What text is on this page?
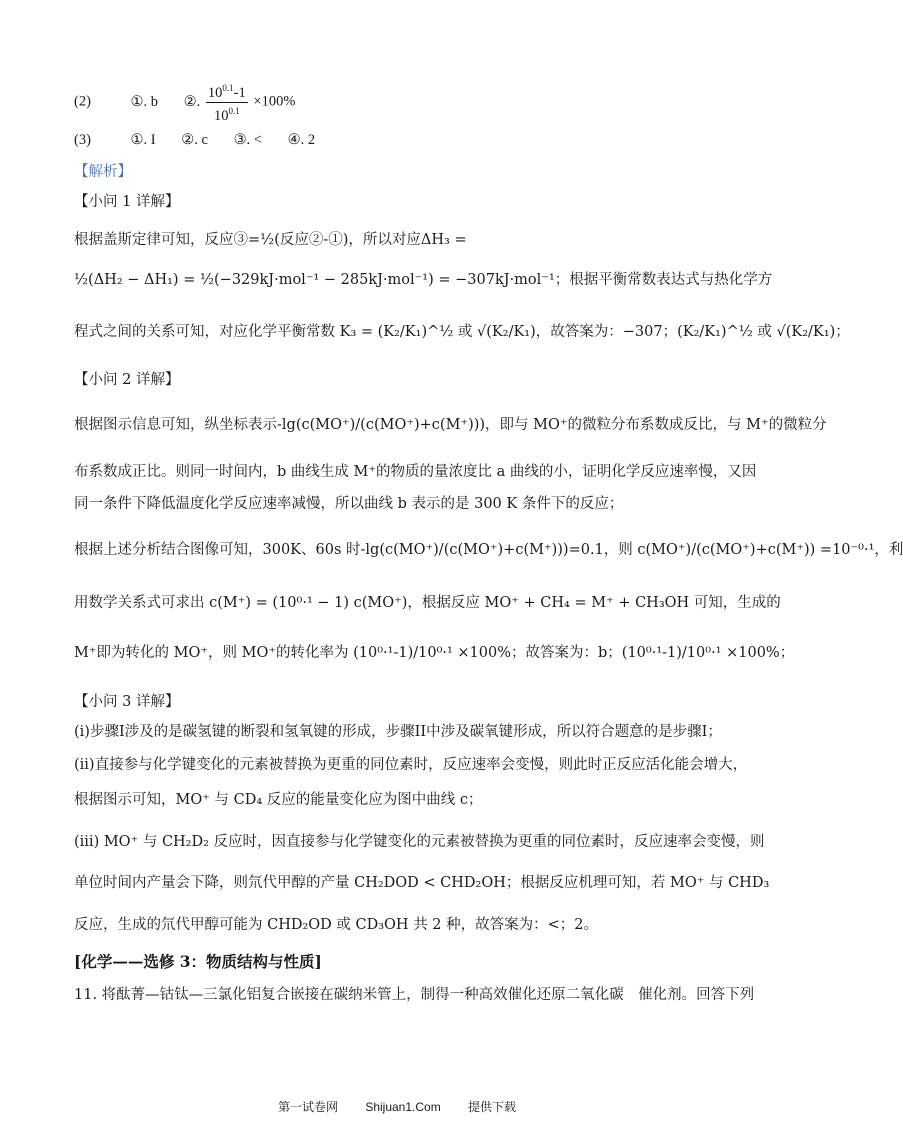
(2)	①. b ②. $\frac{10^{0.1}-1}{10^{0.1}} \times 100\%$
(3)	①. I ②. c ③. < ④. 2
【解析】
【小问 1 详解】
根据盖斯定律可知，反应③=½(反应②-①)，所以对应ΔH₃ =
½(ΔH₂ − ΔH₁) = ½(−329kJ·mol⁻¹ − 285kJ·mol⁻¹) = −307kJ·mol⁻¹；根据平衡常数表达式与热化学方
程式之间的关系可知，对应化学平衡常数 K₃ = (K₂/K₁)^½ 或 √(K₂/K₁)，故答案为：−307；(K₂/K₁)^½ 或 √(K₂/K₁)；
【小问 2 详解】
根据图示信息可知，纵坐标表示-lg(c(MO⁺)/(c(MO⁺)+c(M⁺)))，即与 MO⁺的微粒分布系数成反比，与 M⁺的微粒分
布系数成正比。则同一时间内，b 曲线生成 M⁺的物质的量浓度比 a 曲线的小，证明化学反应速率慢，又因
同一条件下降低温度化学反应速率减慢，所以曲线 b 表示的是 300 K 条件下的反应；
根据上述分析结合图像可知，300K、60s 时-lg(c(MO⁺)/(c(MO⁺)+c(M⁺)))=0.1，则 c(MO⁺)/(c(MO⁺)+c(M⁺)) =10⁻⁰·¹，利
用数学关系式可求出 c(M⁺) = (10⁰·¹ − 1) c(MO⁺)，根据反应 MO⁺ + CH₄ = M⁺ + CH₃OH 可知，生成的
M⁺即为转化的 MO⁺，则 MO⁺的转化率为 (10⁰·¹-1)/10⁰·¹ ×100%；故答案为：b；(10⁰·¹-1)/10⁰·¹ ×100%；
【小问 3 详解】
(i)步骤I涉及的是碳氢键的断裂和氢氧键的形成，步骤II中涉及碳氧键形成，所以符合题意的是步骤I；
(ii)直接参与化学键变化的元素被替换为更重的同位素时，反应速率会变慢，则此时正反应活化能会增大，
根据图示可知，MO⁺ 与 CD₄ 反应的能量变化应为图中曲线 c；
(iii) MO⁺ 与 CH₂D₂ 反应时，因直接参与化学键变化的元素被替换为更重的同位素时，反应速率会变慢，则
单位时间内产量会下降，则氘代甲醇的产量 CH₂DOD < CHD₂OH；根据反应机理可知，若 MO⁺ 与 CHD₃
反应，生成的氘代甲醇可能为 CHD₂OD 或 CD₃OH 共 2 种，故答案为：<；2。
[化学——选修 3：物质结构与性质]
11. 将酞菁—钴钛—三氯化铝复合嵌接在碳纳米管上，制得一种高效催化还原二氧化碳　催化剂。回答下列
第一试卷网 Shijuan1.Com 提供下载
